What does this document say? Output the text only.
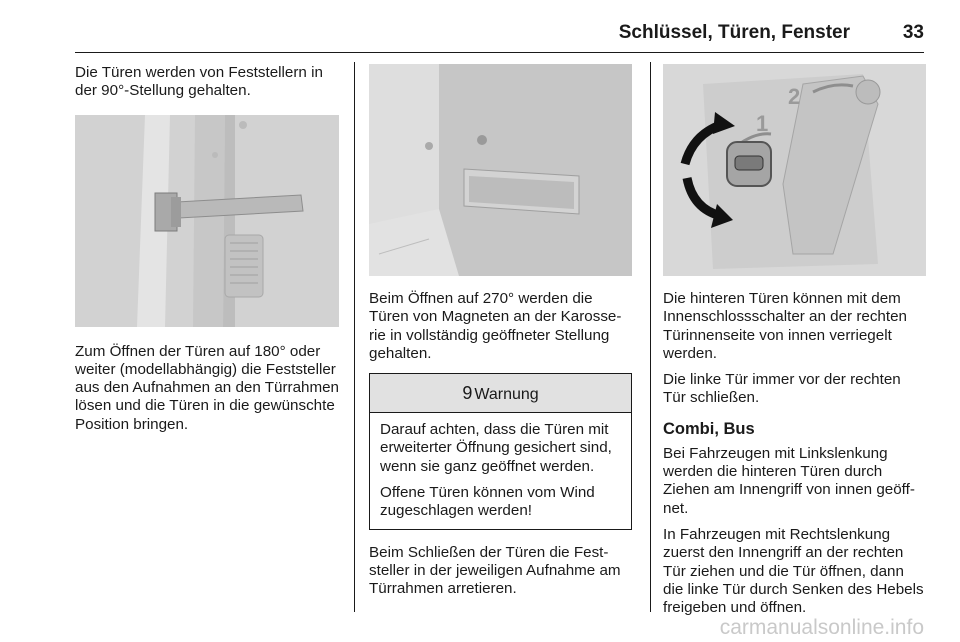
Schlüssel, Türen, Fenster	33

Die Türen werden von Feststellern in der 90°-Stellung gehalten.

Zum Öffnen der Türen auf 180° oder weiter (modellabhängig) die Feststeller aus den Aufnahmen an den Türrahmen lösen und die Türen in die gewünschte Position bringen.

Beim Öffnen auf 270° werden die Türen von Magneten an der Karosserie in vollständig geöffneter Stellung gehalten.

9 Warnung

Darauf achten, dass die Türen mit erweiterter Öffnung gesichert sind, wenn sie ganz geöffnet werden.

Offene Türen können vom Wind zugeschlagen werden!

Beim Schließen der Türen die Feststeller in der jeweiligen Aufnahme am Türrahmen arretieren.

2
1

Die hinteren Türen können mit dem Innenschlossschalter an der rechten Türinnenseite von innen verriegelt werden.

Die linke Tür immer vor der rechten Tür schließen.

Combi, Bus

Bei Fahrzeugen mit Linkslenkung werden die hinteren Türen durch Ziehen am Innengriff von innen geöffnet.

In Fahrzeugen mit Rechtslenkung zuerst den Innengriff an der rechten Tür ziehen und die Tür öffnen, dann die linke Tür durch Senken des Hebels freigeben und öffnen.

carmanualsonline.info
